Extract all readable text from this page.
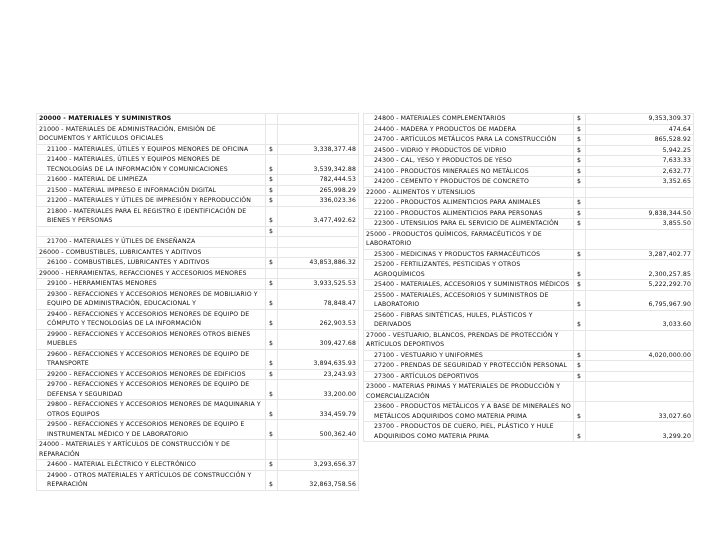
20000 - MATERIALES Y SUMINISTROS		
21000 - MATERIALES DE ADMINISTRACIÓN, EMISIÓN DE DOCUMENTOS Y ARTÍCULOS OFICIALES		
21100 - MATERIALES, ÚTILES Y EQUIPOS MENORES DE OFICINA	$	3,338,377.48
21400 - MATERIALES, ÚTILES Y EQUIPOS MENORES DE TECNOLOGÍAS DE LA INFORMACIÓN Y COMUNICACIONES	$	3,539,342.88
21600 - MATERIAL DE LIMPIEZA	$	782,444.53
21500 - MATERIAL IMPRESO E INFORMACIÓN DIGITAL	$	265,998.29
21200 - MATERIALES Y ÚTILES DE IMPRESIÓN Y REPRODUCCIÓN	$	336,023.36
21800 - MATERIALES PARA EL REGISTRO E IDENTIFICACIÓN DE BIENES Y PERSONAS	$	3,477,492.62
	$	
21700 - MATERIALES Y ÚTILES DE ENSEÑANZA		
26000 - COMBUSTIBLES, LUBRICANTES Y ADITIVOS		
26100 - COMBUSTIBLES, LUBRICANTES Y ADITIVOS	$	43,853,886.32
29000 - HERRAMIENTAS, REFACCIONES Y ACCESORIOS MENORES		
29100 - HERRAMIENTAS MENORES	$	3,933,525.53
29300 - REFACCIONES Y ACCESORIOS MENORES DE MOBILIARIO Y EQUIPO DE ADMINISTRACIÓN, EDUCACIONAL Y	$	78,848.47
29400 - REFACCIONES Y ACCESORIOS MENORES DE EQUIPO DE CÓMPUTO Y TECNOLOGÍAS DE LA INFORMACIÓN	$	262,903.53
29900 - REFACCIONES Y ACCESORIOS MENORES OTROS BIENES MUEBLES	$	309,427.68
29600 - REFACCIONES Y ACCESORIOS MENORES DE EQUIPO DE TRANSPORTE	$	3,894,635.93
29200 - REFACCIONES Y ACCESORIOS MENORES DE EDIFICIOS	$	23,243.93
29700 - REFACCIONES Y ACCESORIOS MENORES DE EQUIPO DE DEFENSA Y SEGURIDAD	$	33,200.00
29800 - REFACCIONES Y ACCESORIOS MENORES DE MAQUINARIA Y OTROS EQUIPOS	$	334,459.79
29500 - REFACCIONES Y ACCESORIOS MENORES DE EQUIPO E INSTRUMENTAL MÉDICO Y DE LABORATORIO	$	500,362.40
24000 - MATERIALES Y ARTÍCULOS DE CONSTRUCCIÓN Y DE REPARACIÓN		
24600 - MATERIAL ELÉCTRICO Y ELECTRÓNICO	$	3,293,656.37
24900 - OTROS MATERIALES Y ARTÍCULOS DE CONSTRUCCIÓN Y REPARACIÓN	$	32,863,758.56
24800 - MATERIALES COMPLEMENTARIOS	$	9,353,309.37
24400 - MADERA Y PRODUCTOS DE MADERA	$	474.64
24700 - ARTÍCULOS METÁLICOS PARA LA CONSTRUCCIÓN	$	865,528.92
24500 - VIDRIO Y PRODUCTOS DE VIDRIO	$	5,942.25
24300 - CAL, YESO Y PRODUCTOS DE YESO	$	7,633.33
24100 - PRODUCTOS MINERALES NO METÁLICOS	$	2,632.77
24200 - CEMENTO Y PRODUCTOS DE CONCRETO	$	3,352.65
22000 - ALIMENTOS Y UTENSILIOS		
22200 - PRODUCTOS ALIMENTICIOS PARA ANIMALES	$	
22100 - PRODUCTOS ALIMENTICIOS PARA PERSONAS	$	9,838,344.50
22300 - UTENSILIOS PARA EL SERVICIO DE ALIMENTACIÓN	$	3,855.50
25000 - PRODUCTOS QUÍMICOS, FARMACÉUTICOS Y DE LABORATORIO		
25300 - MEDICINAS Y PRODUCTOS FARMACÉUTICOS	$	3,287,402.77
25200 - FERTILIZANTES, PESTICIDAS Y OTROS AGROQUÍMICOS	$	2,300,257.85
25400 - MATERIALES, ACCESORIOS Y SUMINISTROS MÉDICOS	$	5,222,292.70
25500 - MATERIALES, ACCESORIOS Y SUMINISTROS DE LABORATORIO	$	6,795,967.90
25600 - FIBRAS SINTÉTICAS, HULES, PLÁSTICOS Y DERIVADOS	$	3,033.60
27000 - VESTUARIO, BLANCOS, PRENDAS DE PROTECCIÓN Y ARTÍCULOS DEPORTIVOS		
27100 - VESTUARIO Y UNIFORMES	$	4,020,000.00
27200 - PRENDAS DE SEGURIDAD Y PROTECCIÓN PERSONAL	$	
27300 - ARTÍCULOS DEPORTIVOS	$	
23000 - MATERIAS PRIMAS Y MATERIALES DE PRODUCCIÓN Y COMERCIALIZACIÓN		
23600 - PRODUCTOS METÁLICOS Y A BASE DE MINERALES NO METÁLICOS ADQUIRIDOS COMO MATERIA PRIMA	$	33,027.60
23700 - PRODUCTOS DE CUERO, PIEL, PLÁSTICO Y HULE ADQUIRIDOS COMO MATERIA PRIMA	$	3,299.20
